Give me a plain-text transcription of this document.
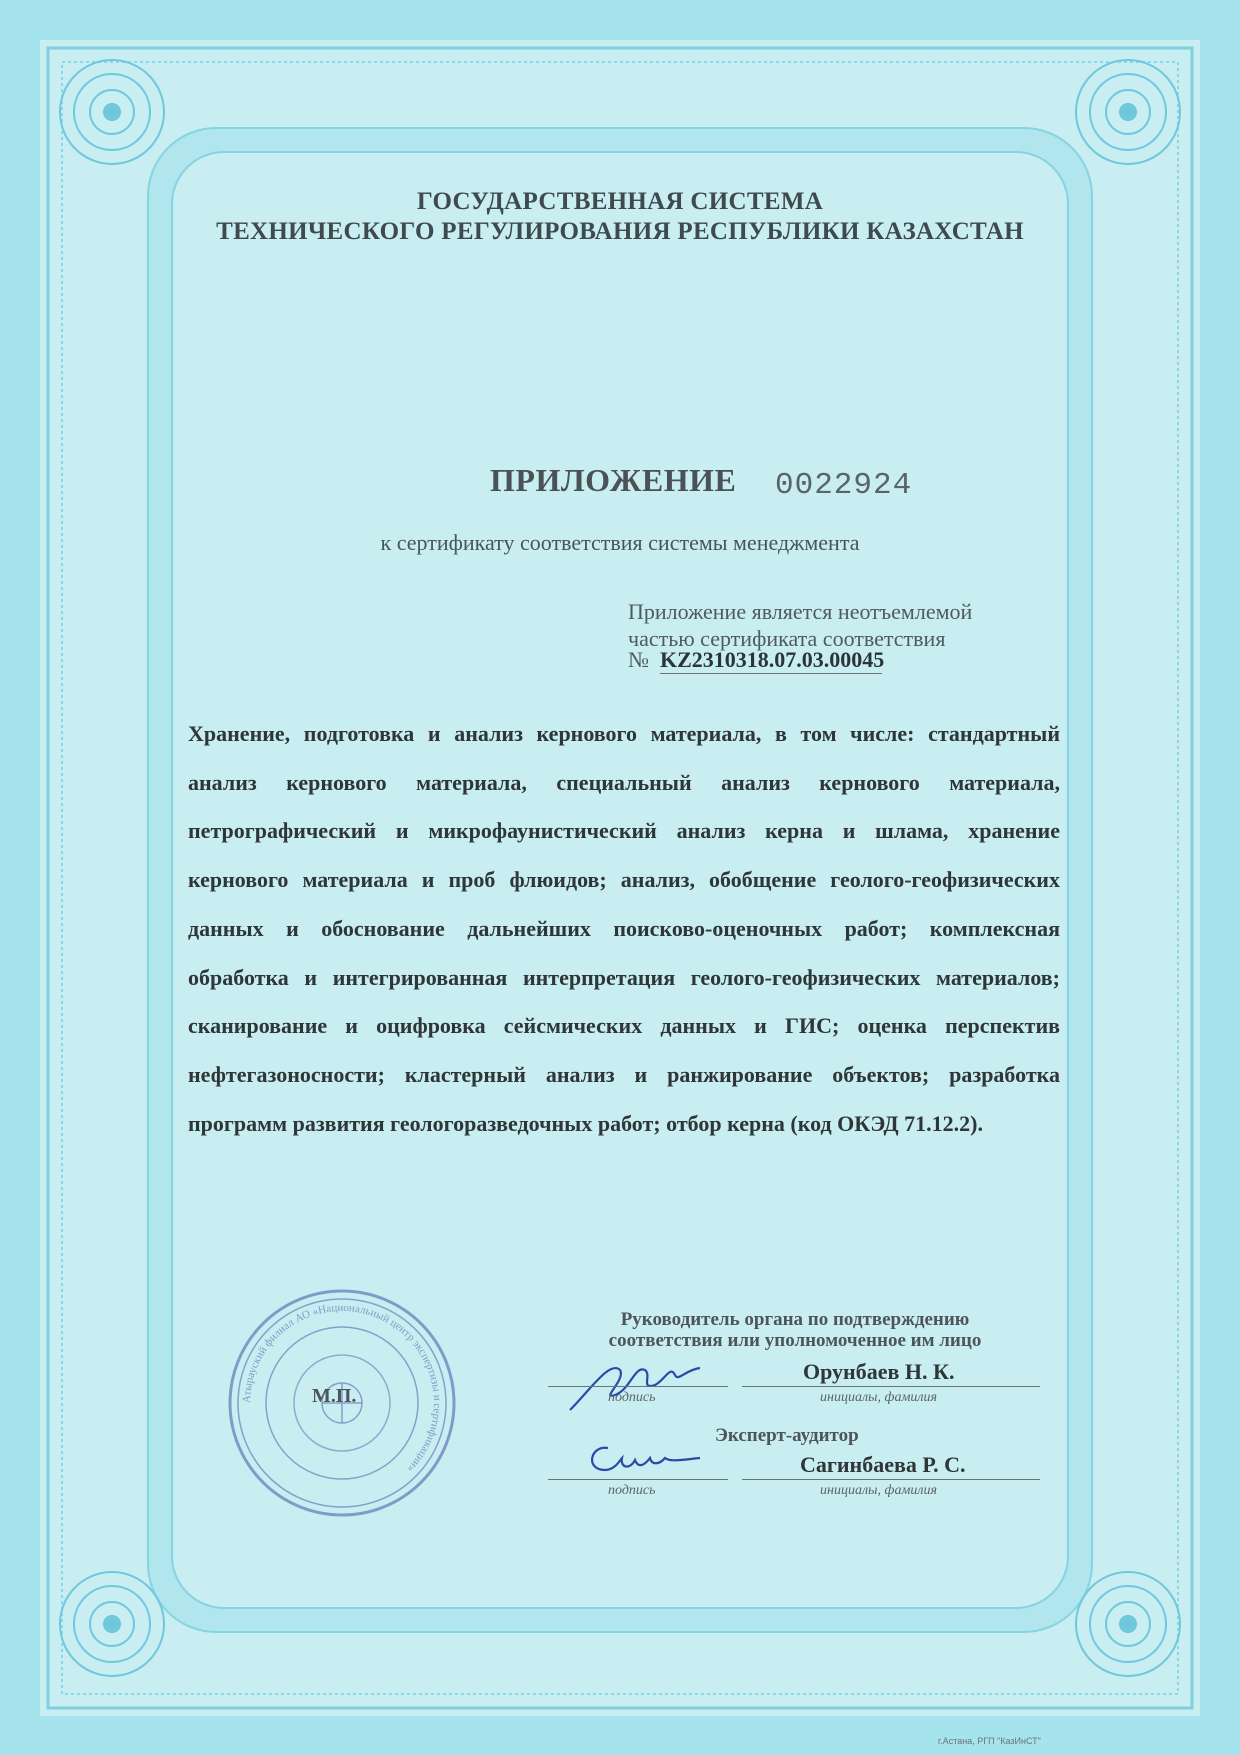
ГОСУДАРСТВЕННАЯ СИСТЕМА
ТЕХНИЧЕСКОГО РЕГУЛИРОВАНИЯ РЕСПУБЛИКИ КАЗАХСТАН
ПРИЛОЖЕНИЕ 0022924
к сертификату соответствия системы менеджмента
Приложение является неотъемлемой
частью сертификата соответствия
№ KZ2310318.07.03.00045
Хранение, подготовка и анализ кернового материала, в том числе: стандартный анализ кернового материала, специальный анализ кернового материала, петрографический и микрофаунистический анализ керна и шлама, хранение кернового материала и проб флюидов; анализ, обобщение геолого-геофизических данных и обоснование дальнейших поисково-оценочных работ; комплексная обработка и интегрированная интерпретация геолого-геофизических материалов; сканирование и оцифровка сейсмических данных и ГИС; оценка перспектив нефтегазоносности; кластерный анализ и ранжирование объектов; разработка программ развития геологоразведочных работ; отбор керна (код ОКЭД 71.12.2).
Атырауский филиал АО «Национальный центр экспертизы и сертификации»
М.П.
Руководитель органа по подтверждению
соответствия или уполномоченное им лицо
подпись
Орунбаев Н. К.
инициалы, фамилия
Эксперт-аудитор
подпись
Сагинбаева Р. С.
инициалы, фамилия
г.Астана, РГП "КазИнСТ"
